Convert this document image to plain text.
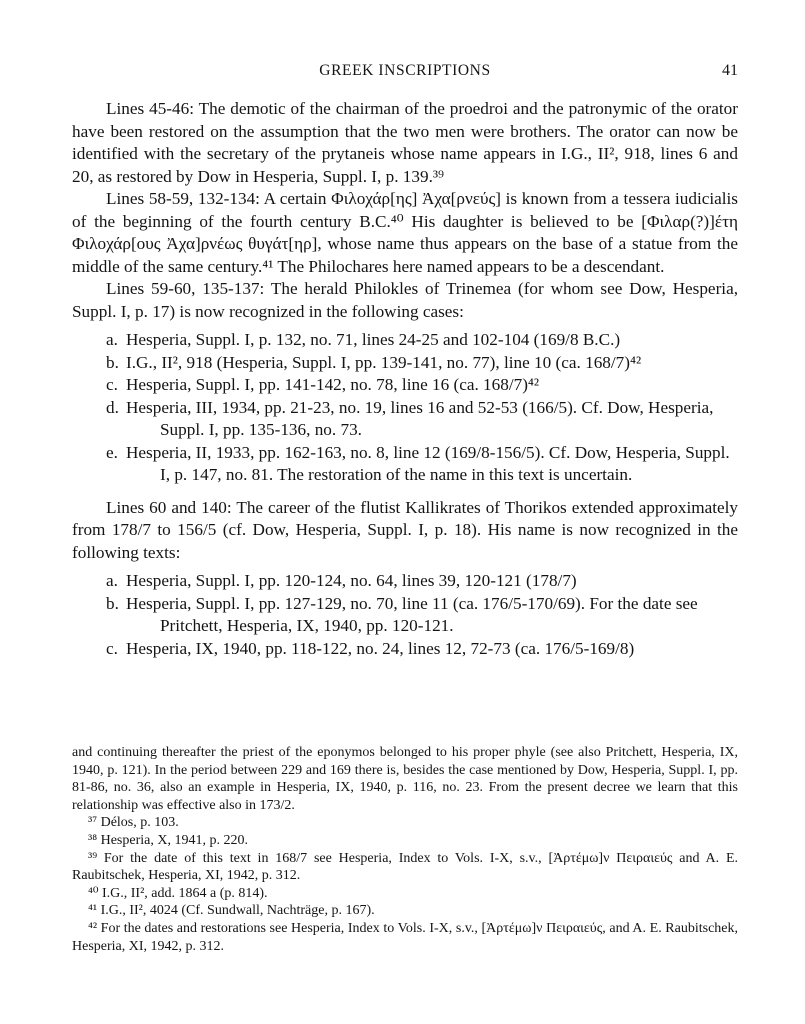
GREEK INSCRIPTIONS	41

Lines 45-46: The demotic of the chairman of the proedroi and the patronymic of the orator have been restored on the assumption that the two men were brothers. The orator can now be identified with the secretary of the prytaneis whose name appears in I.G., II², 918, lines 6 and 20, as restored by Dow in Hesperia, Suppl. I, p. 139.³⁹

Lines 58-59, 132-134: A certain Φιλοχάρ[ης] Ἀχα[ρνεύς] is known from a tessera iudicialis of the beginning of the fourth century B.C.⁴⁰ His daughter is believed to be [Φιλαρ(?)]έτη Φιλοχάρ[ους Ἀχα]ρνέως θυγάτ[ηρ], whose name thus appears on the base of a statue from the middle of the same century.⁴¹ The Philochares here named appears to be a descendant.

Lines 59-60, 135-137: The herald Philokles of Trinemea (for whom see Dow, Hesperia, Suppl. I, p. 17) is now recognized in the following cases:

a. Hesperia, Suppl. I, p. 132, no. 71, lines 24-25 and 102-104 (169/8 B.C.)
b. I.G., II², 918 (Hesperia, Suppl. I, pp. 139-141, no. 77), line 10 (ca. 168/7)⁴²
c. Hesperia, Suppl. I, pp. 141-142, no. 78, line 16 (ca. 168/7)⁴²
d. Hesperia, III, 1934, pp. 21-23, no. 19, lines 16 and 52-53 (166/5). Cf. Dow, Hesperia, Suppl. I, pp. 135-136, no. 73.
e. Hesperia, II, 1933, pp. 162-163, no. 8, line 12 (169/8-156/5). Cf. Dow, Hesperia, Suppl. I, p. 147, no. 81. The restoration of the name in this text is uncertain.

Lines 60 and 140: The career of the flutist Kallikrates of Thorikos extended approximately from 178/7 to 156/5 (cf. Dow, Hesperia, Suppl. I, p. 18). His name is now recognized in the following texts:

a. Hesperia, Suppl. I, pp. 120-124, no. 64, lines 39, 120-121 (178/7)
b. Hesperia, Suppl. I, pp. 127-129, no. 70, line 11 (ca. 176/5-170/69). For the date see Pritchett, Hesperia, IX, 1940, pp. 120-121.
c. Hesperia, IX, 1940, pp. 118-122, no. 24, lines 12, 72-73 (ca. 176/5-169/8)

and continuing thereafter the priest of the eponymos belonged to his proper phyle (see also Pritchett, Hesperia, IX, 1940, p. 121). In the period between 229 and 169 there is, besides the case mentioned by Dow, Hesperia, Suppl. I, pp. 81-86, no. 36, also an example in Hesperia, IX, 1940, p. 116, no. 23. From the present decree we learn that this relationship was effective also in 173/2.

³⁷ Délos, p. 103.

³⁸ Hesperia, X, 1941, p. 220.

³⁹ For the date of this text in 168/7 see Hesperia, Index to Vols. I-X, s.v., [Ἀρτέμω]ν Πειραιεύς and A. E. Raubitschek, Hesperia, XI, 1942, p. 312.

⁴⁰ I.G., II², add. 1864 a (p. 814).

⁴¹ I.G., II², 4024 (Cf. Sundwall, Nachträge, p. 167).

⁴² For the dates and restorations see Hesperia, Index to Vols. I-X, s.v., [Ἀρτέμω]ν Πειραιεύς, and A. E. Raubitschek, Hesperia, XI, 1942, p. 312.
